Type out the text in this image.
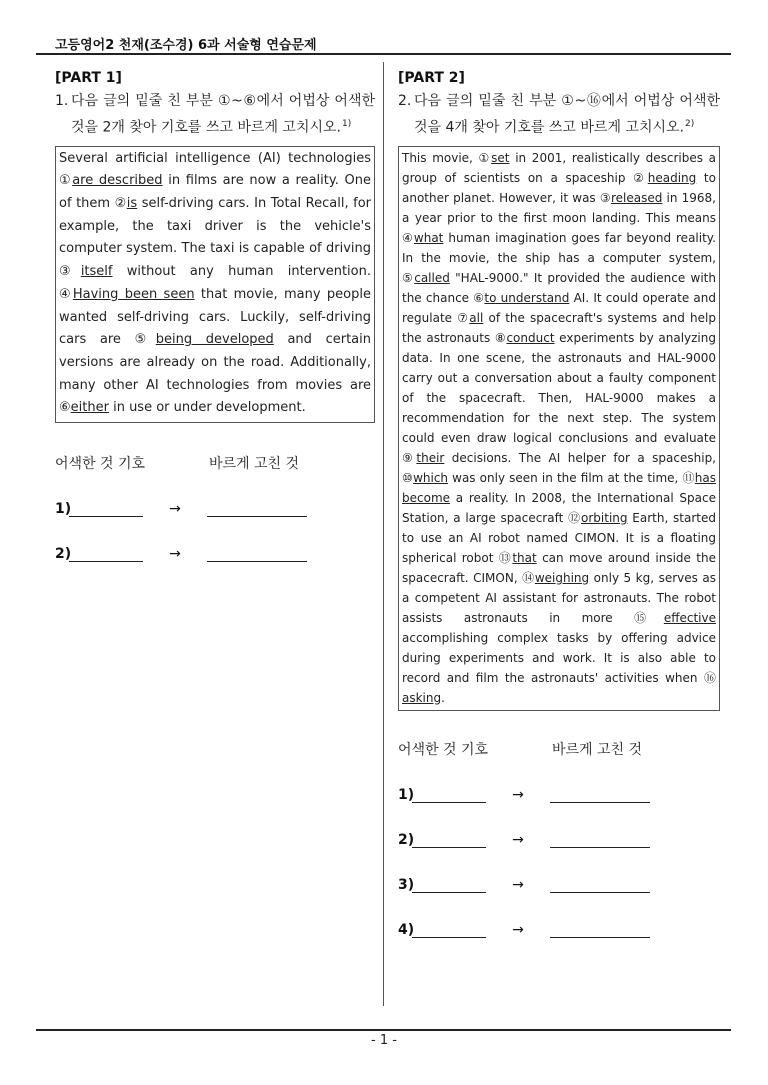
고등영어2 천재(조수경) 6과 서술형 연습문제
[PART 1]
1. 다음 글의 밑줄 친 부분 ①~⑥에서 어법상 어색한 것을 2개 찾아 기호를 쓰고 바르게 고치시오.$^{1)}$
Several artificial intelligence (AI) technologies ①are described in films are now a reality. One of them ②is self-driving cars. In Total Recall, for example, the taxi driver is the vehicle's computer system. The taxi is capable of driving ③itself without any human intervention. ④Having been seen that movie, many people wanted self-driving cars. Luckily, self-driving cars are ⑤being developed and certain versions are already on the road. Additionally, many other AI technologies from movies are ⑥either in use or under development.
어색한 것 기호	바르게 고친 것
1)	→
2)	→
[PART 2]
2. 다음 글의 밑줄 친 부분 ①~⑯에서 어법상 어색한 것을 4개 찾아 기호를 쓰고 바르게 고치시오.$^{2)}$
This movie, ①set in 2001, realistically describes a group of scientists on a spaceship ②heading to another planet. However, it was ③released in 1968, a year prior to the first moon landing. This means ④what human imagination goes far beyond reality. In the movie, the ship has a computer system, ⑤called "HAL-9000." It provided the audience with the chance ⑥to understand AI. It could operate and regulate ⑦all of the spacecraft's systems and help the astronauts ⑧conduct experiments by analyzing data. In one scene, the astronauts and HAL-9000 carry out a conversation about a faulty component of the spacecraft. Then, HAL-9000 makes a recommendation for the next step. The system could even draw logical conclusions and evaluate ⑨their decisions. The AI helper for a spaceship, ⑩which was only seen in the film at the time, ⑪has become a reality. In 2008, the International Space Station, a large spacecraft ⑫orbiting Earth, started to use an AI robot named CIMON. It is a floating spherical robot ⑬that can move around inside the spacecraft. CIMON, ⑭weighing only 5 kg, serves as a competent AI assistant for astronauts. The robot assists astronauts in more ⑮effective accomplishing complex tasks by offering advice during experiments and work. It is also able to record and film the astronauts' activities when ⑯ asking.
어색한 것 기호	바르게 고친 것
1)	→
2)	→
3)	→
4)	→
- 1 -
